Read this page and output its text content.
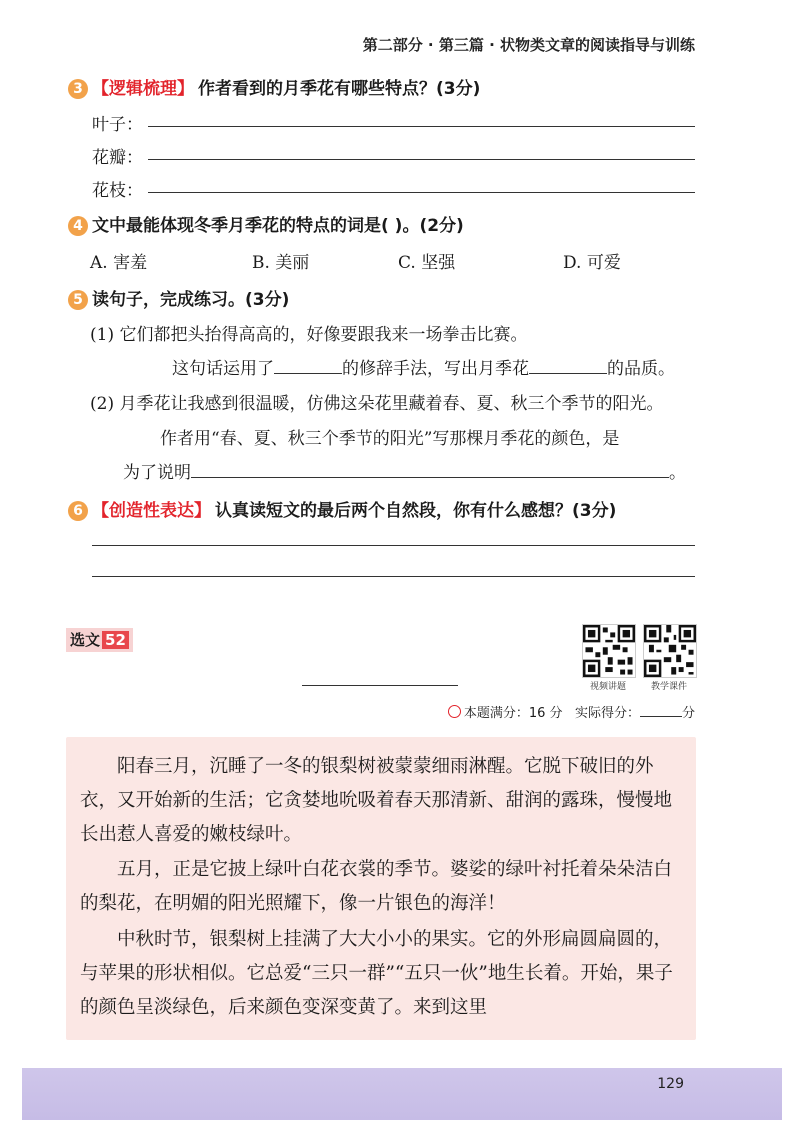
第二部分 · 第三篇 · 状物类文章的阅读指导与训练
3 【逻辑梳理】 作者看到的月季花有哪些特点？(3分)
叶子：
花瓣：
花枝：
4 文中最能体现冬季月季花的特点的词是( )。(2分)
A. 害羞	B. 美丽	C. 坚强	D. 可爱
5 读句子，完成练习。(3分)
(1) 它们都把头抬得高高的，好像要跟我来一场拳击比赛。
这句话运用了	的修辞手法，写出月季花	的品质。
(2) 月季花让我感到很温暖，仿佛这朵花里藏着春、夏、秋三个季节的阳光。
作者用“春、夏、秋三个季节的阳光”写那棵月季花的颜色，是
为了说明	。
6 【创造性表达】 认真读短文的最后两个自然段，你有什么感想？(3分)
选文 52
视频讲题	教学课件
本题满分：16 分 实际得分：	分
阳春三月，沉睡了一冬的银梨树被蒙蒙细雨淋醒。它脱下破旧的外衣，又开始新的生活；它贪婪地吮吸着春天那清新、甜润的露珠，慢慢地长出惹人喜爱的嫩枝绿叶。
五月，正是它披上绿叶白花衣裳的季节。婆娑的绿叶衬托着朵朵洁白的梨花，在明媚的阳光照耀下，像一片银色的海洋！
中秋时节，银梨树上挂满了大大小小的果实。它的外形扁圆扁圆的，与苹果的形状相似。它总爱“三只一群”“五只一伙”地生长着。开始，果子的颜色呈淡绿色，后来颜色变深变黄了。来到这里
129
